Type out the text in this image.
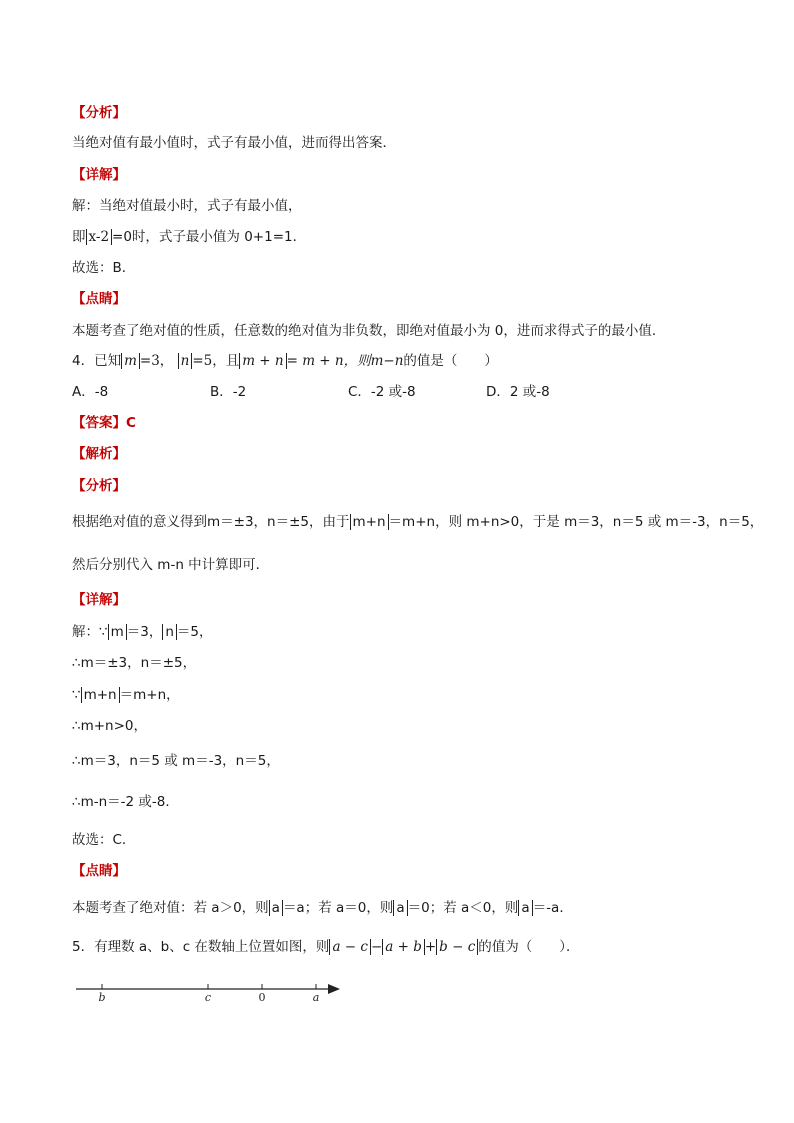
【分析】
当绝对值有最小值时，式子有最小值，进而得出答案．
【详解】
解：当绝对值最小时，式子有最小值，
即 x-2 =0时，式子最小值为 0+1=1．
故选：B．
【点睛】
本题考查了绝对值的性质，任意数的绝对值为非负数，即绝对值最小为 0，进而求得式子的最小值．
4．已知 m =3， n =5，且 m + n = m + n，则m−n的值是（　　）
A．-8	B．-2	C．-2 或-8	D．2 或-8
【答案】C
【解析】
【分析】
根据绝对值的意义得到m＝±3，n＝±5，由于 m+n ＝m+n，则 m+n>0，于是 m＝3，n＝5 或 m＝-3，n＝5，
然后分别代入 m-n 中计算即可．
【详解】
解：∵ m ＝3， n ＝5，
∴m＝±3，n＝±5，
∵ m+n ＝m+n，
∴m+n>0，
∴m＝3，n＝5 或 m＝-3，n＝5，
∴m-n＝-2 或-8．
故选：C．
【点睛】
本题考查了绝对值：若 a＞0，则 a ＝a；若 a＝0，则 a ＝0；若 a＜0，则 a ＝-a．
5．有理数 a、b、c 在数轴上位置如图，则 a − c − a + b + b − c 的值为（　　）．
b	c	0	a
